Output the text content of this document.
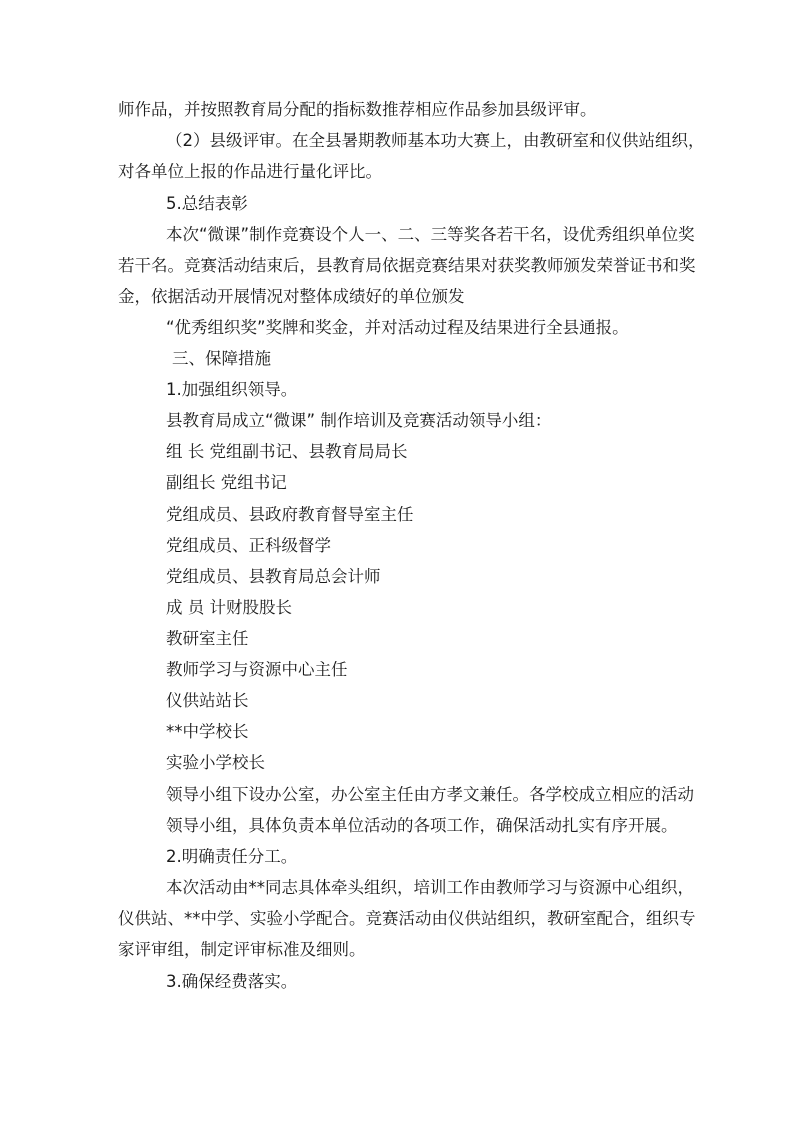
师作品，并按照教育局分配的指标数推荐相应作品参加县级评审。
（2）县级评审。在全县暑期教师基本功大赛上，由教研室和仪供站组织，
对各单位上报的作品进行量化评比。
5.总结表彰
本次“微课”制作竞赛设个人一、二、三等奖各若干名，设优秀组织单位奖
若干名。竞赛活动结束后，县教育局依据竞赛结果对获奖教师颁发荣誉证书和奖
金，依据活动开展情况对整体成绩好的单位颁发
“优秀组织奖”奖牌和奖金，并对活动过程及结果进行全县通报。
三、保障措施
1.加强组织领导。
县教育局成立“微课” 制作培训及竞赛活动领导小组：
组 长 党组副书记、县教育局局长
副组长 党组书记
党组成员、县政府教育督导室主任
党组成员、正科级督学
党组成员、县教育局总会计师
成 员 计财股股长
教研室主任
教师学习与资源中心主任
仪供站站长
**中学校长
实验小学校长
领导小组下设办公室，办公室主任由方孝文兼任。各学校成立相应的活动
领导小组，具体负责本单位活动的各项工作，确保活动扎实有序开展。
2.明确责任分工。
本次活动由**同志具体牵头组织，培训工作由教师学习与资源中心组织，
仪供站、**中学、实验小学配合。竞赛活动由仪供站组织，教研室配合，组织专
家评审组，制定评审标准及细则。
3.确保经费落实。
